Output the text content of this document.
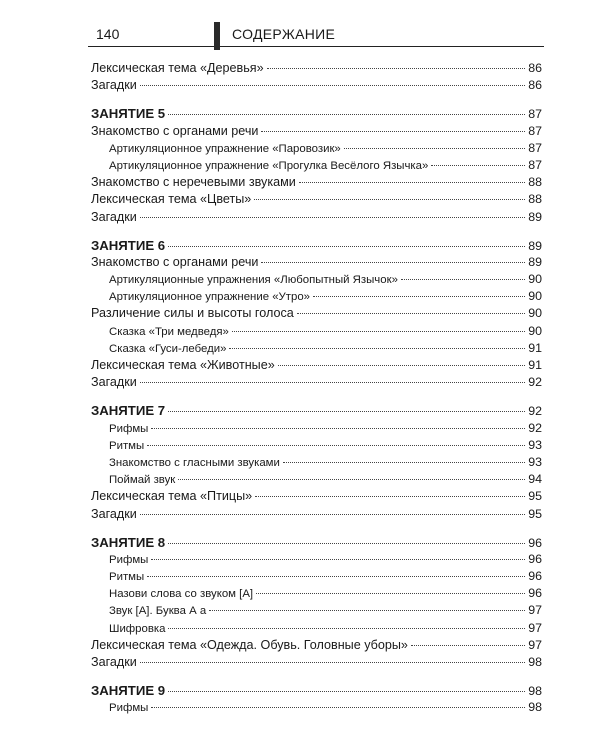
140	СОДЕРЖАНИЕ
Лексическая тема «Деревья»	86
Загадки	86
ЗАНЯТИЕ 5	87
Знакомство с органами речи	87
Артикуляционное упражнение «Паровозик»	87
Артикуляционное упражнение «Прогулка Весёлого Язычка»	87
Знакомство с неречевыми звуками	88
Лексическая тема «Цветы»	88
Загадки	89
ЗАНЯТИЕ 6	89
Знакомство с органами речи	89
Артикуляционные упражнения «Любопытный Язычок»	90
Артикуляционное упражнение «Утро»	90
Различение силы и высоты голоса	90
Сказка «Три медведя»	90
Сказка «Гуси-лебеди»	91
Лексическая тема «Животные»	91
Загадки	92
ЗАНЯТИЕ 7	92
Рифмы	92
Ритмы	93
Знакомство с гласными звуками	93
Поймай звук	94
Лексическая тема «Птицы»	95
Загадки	95
ЗАНЯТИЕ 8	96
Рифмы	96
Ритмы	96
Назови слова со звуком [А]	96
Звук [А]. Буква А а	97
Шифровка	97
Лексическая тема «Одежда. Обувь. Головные уборы»	97
Загадки	98
ЗАНЯТИЕ 9	98
Рифмы	98
